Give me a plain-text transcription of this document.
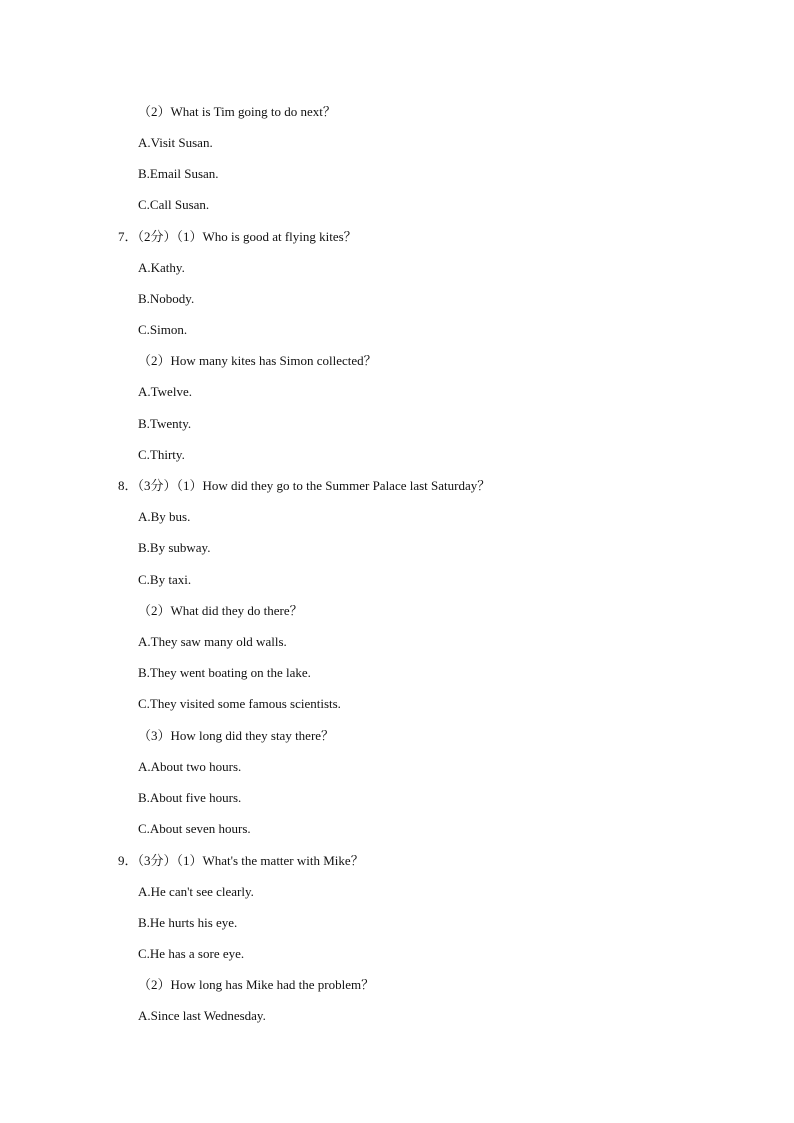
（2）What is Tim going to do next？
A.Visit Susan.
B.Email Susan.
C.Call Susan.
7．（2分）（1）Who is good at flying kites？
A.Kathy.
B.Nobody.
C.Simon.
（2）How many kites has Simon collected？
A.Twelve.
B.Twenty.
C.Thirty.
8．（3分）（1）How did they go to the Summer Palace last Saturday？
A.By bus.
B.By subway.
C.By taxi.
（2）What did they do there？
A.They saw many old walls.
B.They went boating on the lake.
C.They visited some famous scientists.
（3）How long did they stay there？
A.About two hours.
B.About five hours.
C.About seven hours.
9．（3分）（1）What's the matter with Mike？
A.He can't see clearly.
B.He hurts his eye.
C.He has a sore eye.
（2）How long has Mike had the problem？
A.Since last Wednesday.
